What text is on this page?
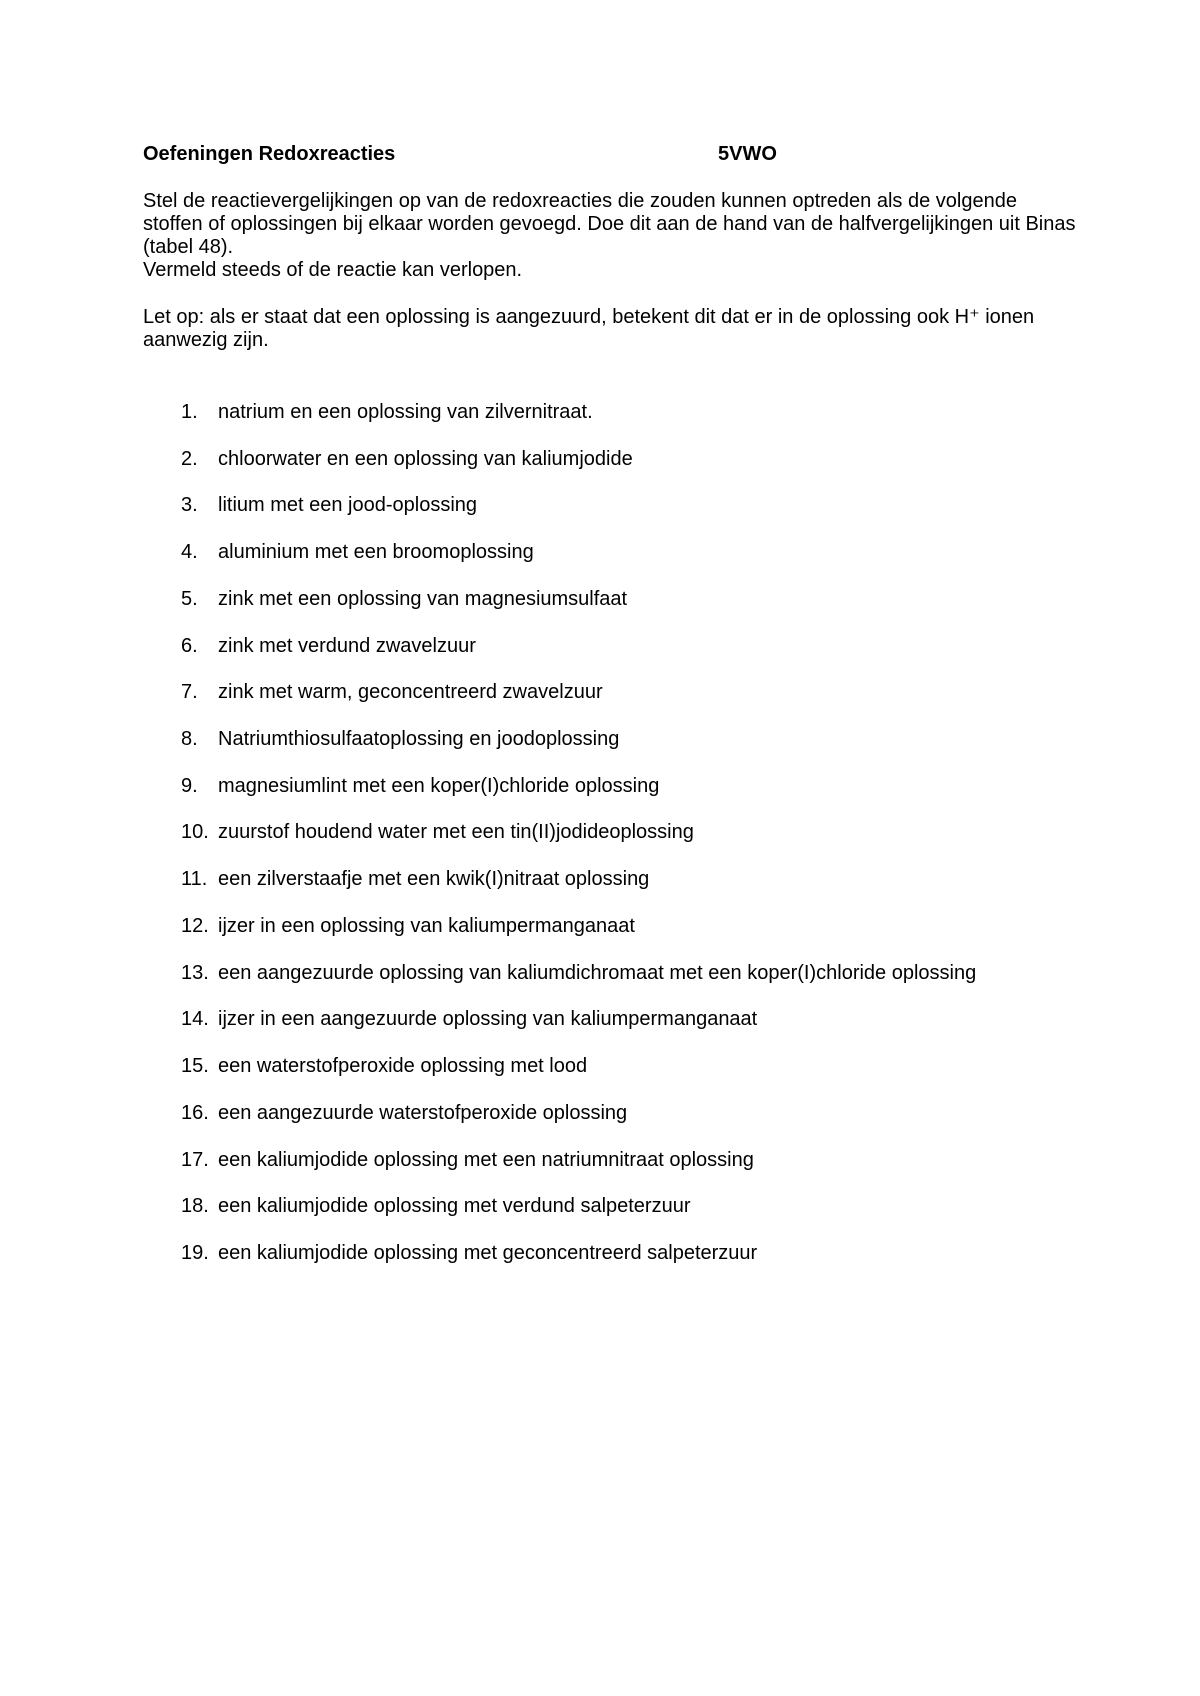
Oefeningen Redoxreacties	5VWO

Stel de reactievergelijkingen op van de redoxreacties die zouden kunnen optreden als de volgende
stoffen of oplossingen bij elkaar worden gevoegd. Doe dit aan de hand van de halfvergelijkingen uit Binas
(tabel 48).

Vermeld steeds of de reactie kan verlopen.

Let op: als er staat dat een oplossing is aangezuurd, betekent dit dat er in de oplossing ook H⁺ ionen
aanwezig zijn.

1. natrium en een oplossing van zilvernitraat.
2. chloorwater en een oplossing van kaliumjodide
3. litium met een jood-oplossing
4. aluminium met een broomoplossing
5. zink met een oplossing van magnesiumsulfaat
6. zink met verdund zwavelzuur
7. zink met warm, geconcentreerd zwavelzuur
8. Natriumthiosulfaatoplossing en joodoplossing
9. magnesiumlint met een koper(I)chloride oplossing
10. zuurstof houdend water met een tin(II)jodideoplossing
11. een zilverstaafje met een kwik(I)nitraat oplossing
12. ijzer in een oplossing van kaliumpermanganaat
13. een aangezuurde oplossing van kaliumdichromaat met een koper(I)chloride oplossing
14. ijzer in een aangezuurde oplossing van kaliumpermanganaat
15. een waterstofperoxide oplossing met lood
16. een aangezuurde waterstofperoxide oplossing
17. een kaliumjodide oplossing met een natriumnitraat oplossing
18. een kaliumjodide oplossing met verdund salpeterzuur
19. een kaliumjodide oplossing met geconcentreerd salpeterzuur
